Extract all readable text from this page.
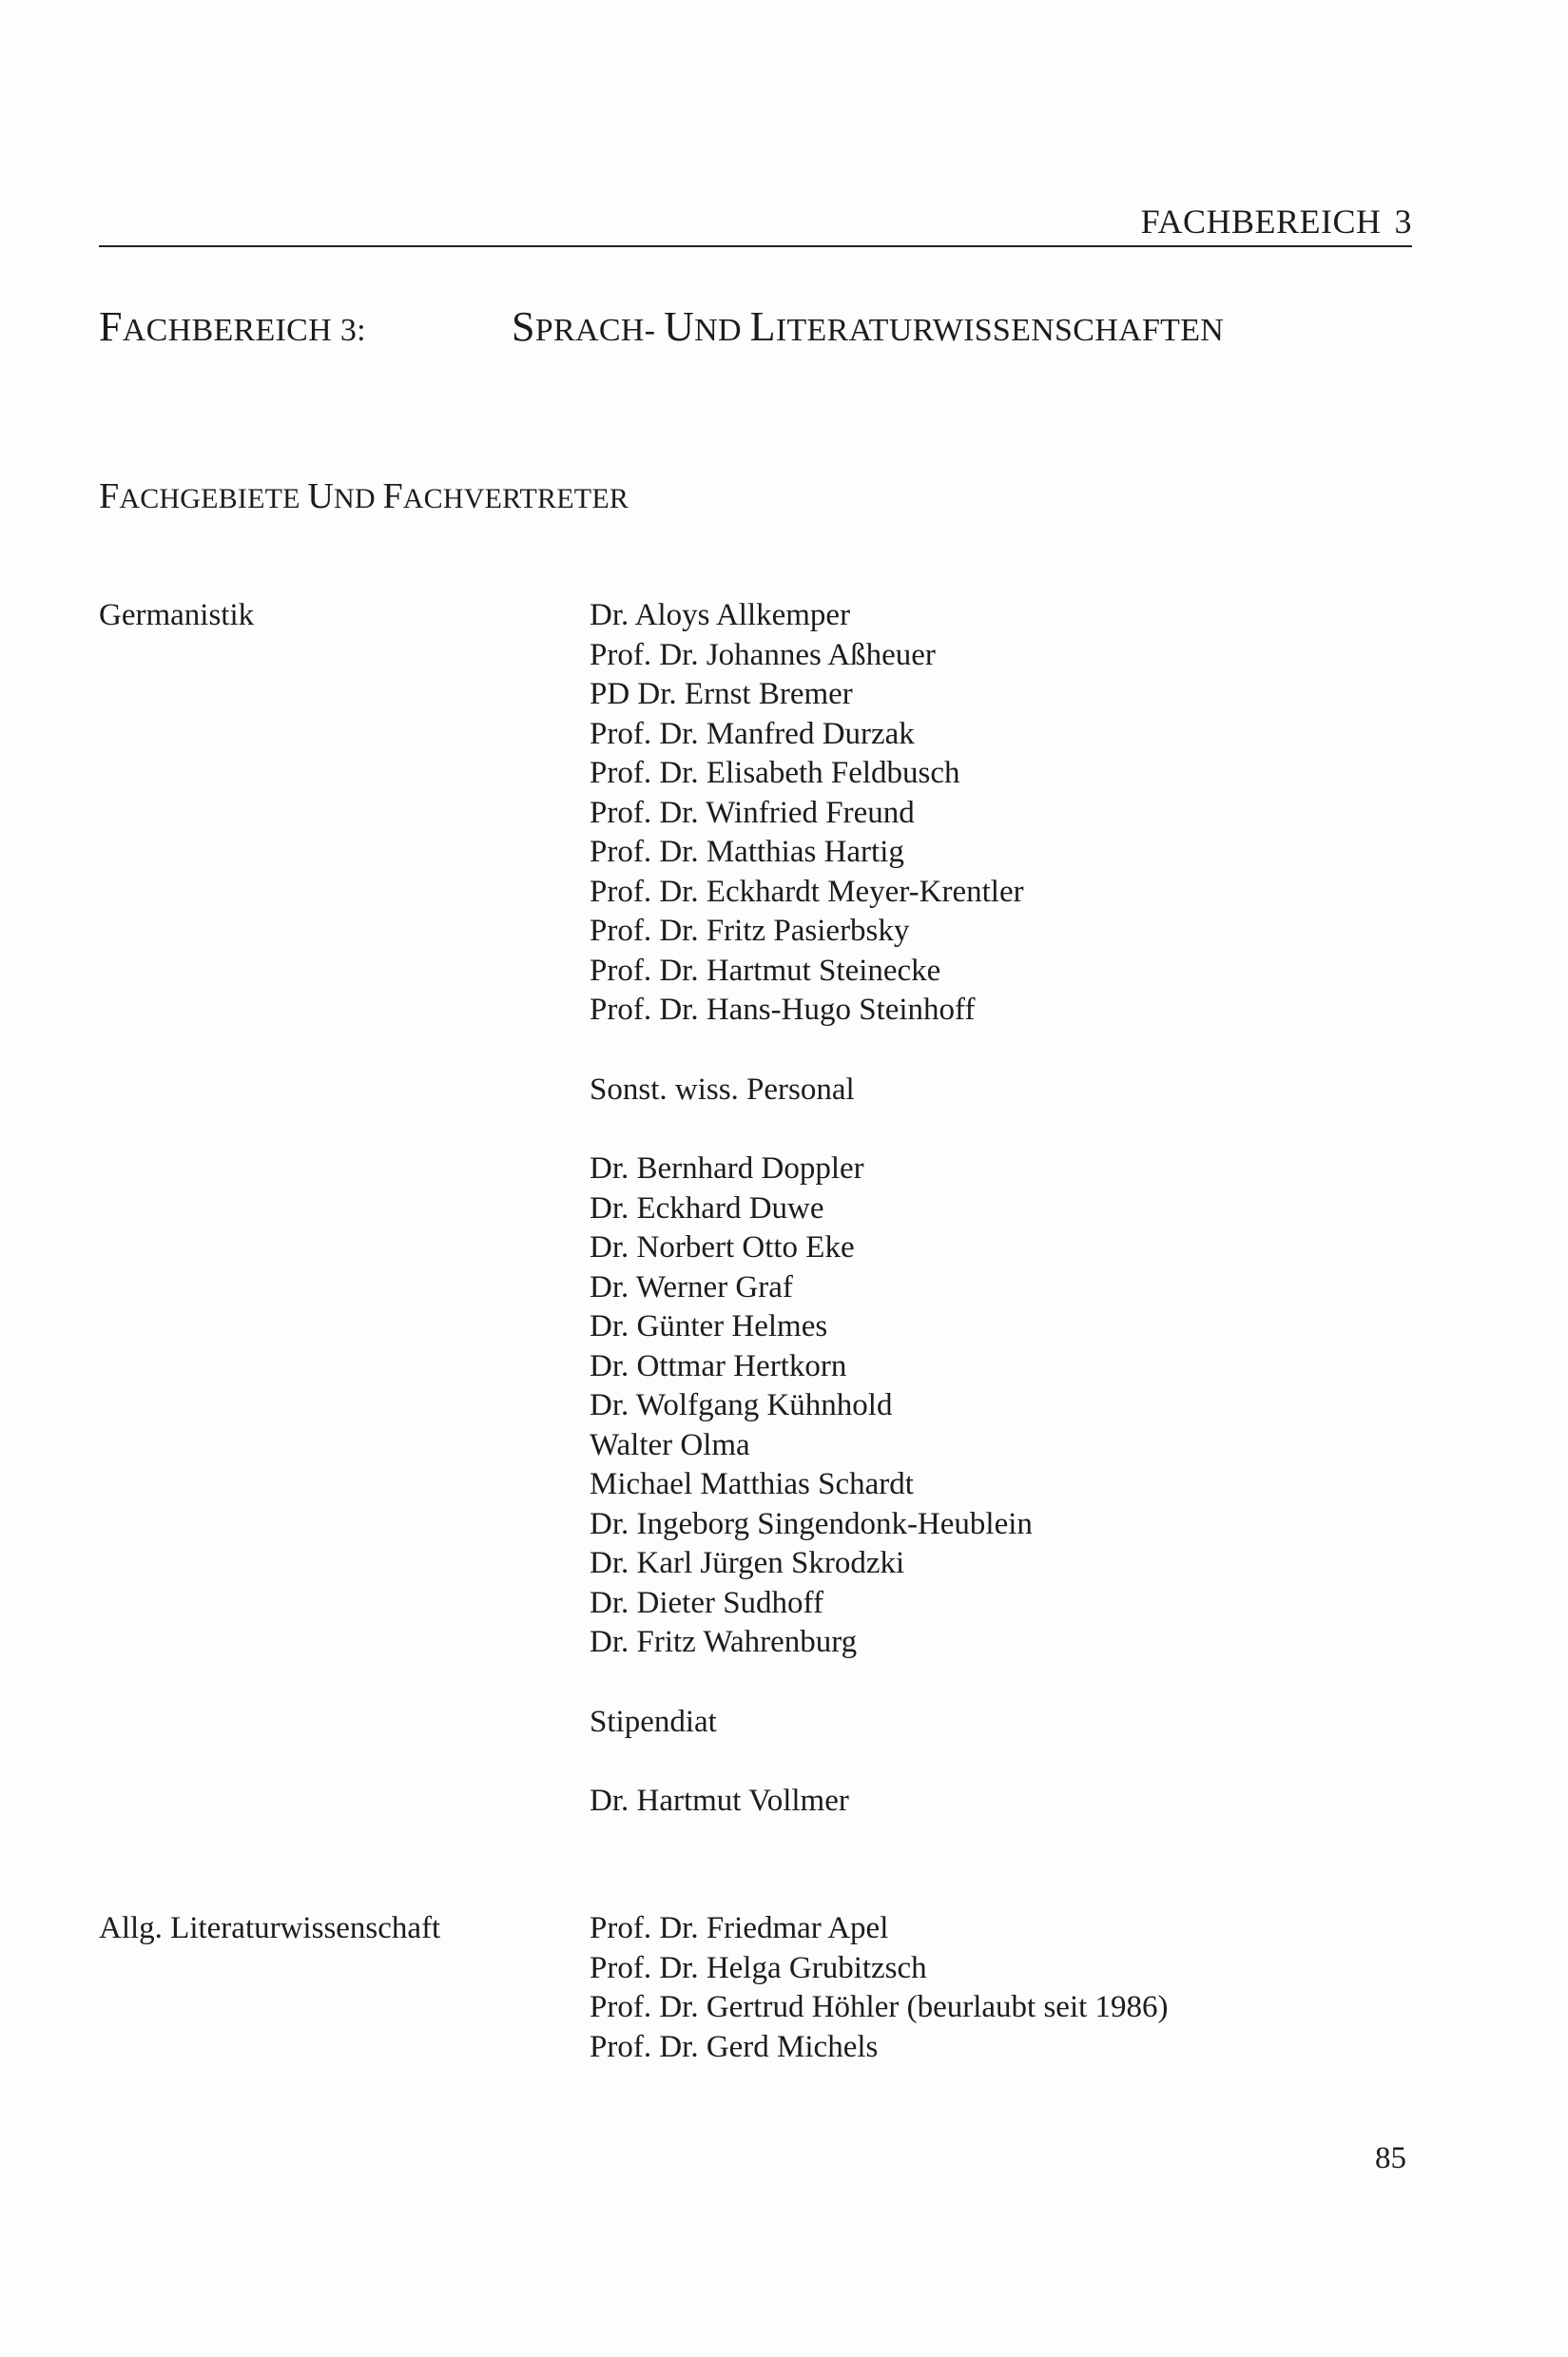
FACHBEREICH 3
FACHBEREICH 3:	SPRACH- UND LITERATURWISSENSCHAFTEN
FACHGEBIETE UND FACHVERTRETER
Germanistik	Dr. Aloys Allkemper
Prof. Dr. Johannes Aßheuer
PD Dr. Ernst Bremer
Prof. Dr. Manfred Durzak
Prof. Dr. Elisabeth Feldbusch
Prof. Dr. Winfried Freund
Prof. Dr. Matthias Hartig
Prof. Dr. Eckhardt Meyer-Krentler
Prof. Dr. Fritz Pasierbsky
Prof. Dr. Hartmut Steinecke
Prof. Dr. Hans-Hugo Steinhoff
Sonst. wiss. Personal
Dr. Bernhard Doppler
Dr. Eckhard Duwe
Dr. Norbert Otto Eke
Dr. Werner Graf
Dr. Günter Helmes
Dr. Ottmar Hertkorn
Dr. Wolfgang Kühnhold
Walter Olma
Michael Matthias Schardt
Dr. Ingeborg Singendonk-Heublein
Dr. Karl Jürgen Skrodzki
Dr. Dieter Sudhoff
Dr. Fritz Wahrenburg
Stipendiat
Dr. Hartmut Vollmer
Allg. Literaturwissenschaft	Prof. Dr. Friedmar Apel
Prof. Dr. Helga Grubitzsch
Prof. Dr. Gertrud Höhler (beurlaubt seit 1986)
Prof. Dr. Gerd Michels
85
